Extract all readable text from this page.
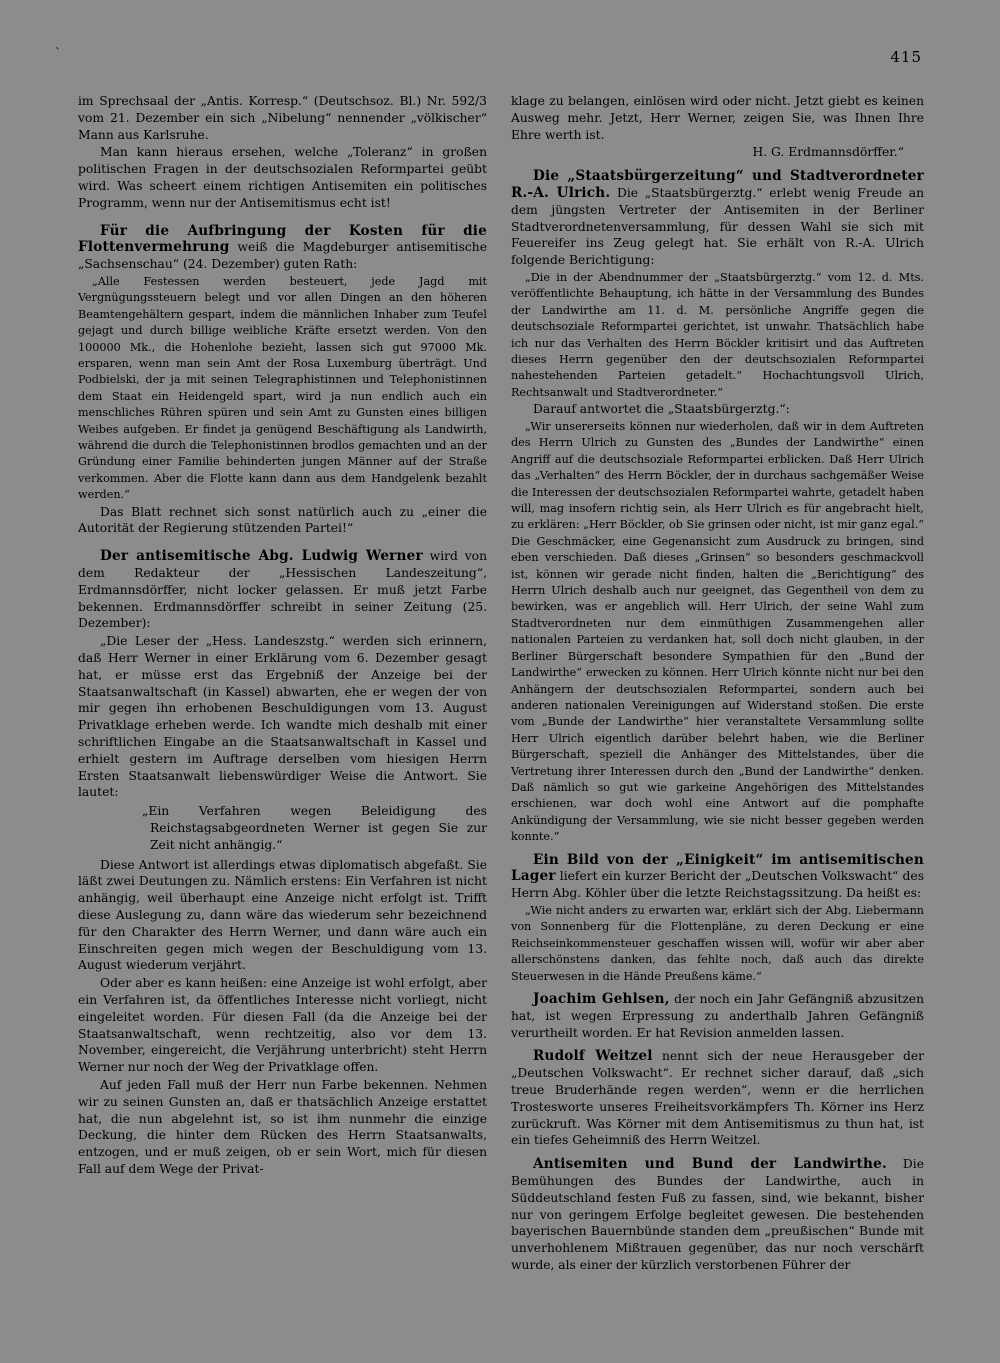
415
`

im Sprechsaal der „Antis. Korresp.“ (Deutschsoz. Bl.) Nr. 592/3 vom 21. Dezember ein sich „Nibelung“ nennender „völkischer“ Mann aus Karlsruhe.

Man kann hieraus ersehen, welche „Toleranz“ in großen politischen Fragen in der deutschsozialen Reformpartei geübt wird. Was scheert einem richtigen Antisemiten ein politisches Programm, wenn nur der Antisemitismus echt ist!

Für die Aufbringung der Kosten für die Flottenvermehrung weiß die Magdeburger antisemitische „Sachsenschau“ (24. Dezember) guten Rath:

„Alle Festessen werden besteuert, jede Jagd mit Vergnügungssteuern belegt und vor allen Dingen an den höheren Beamtengehältern gespart, indem die männlichen Inhaber zum Teufel gejagt und durch billige weibliche Kräfte ersetzt werden. Von den 100000 Mk., die Hohenlohe bezieht, lassen sich gut 97000 Mk. ersparen, wenn man sein Amt der Rosa Luxemburg überträgt. Und Podbielski, der ja mit seinen Telegraphistinnen und Telephonistinnen dem Staat ein Heidengeld spart, wird ja nun endlich auch ein menschliches Rühren spüren und sein Amt zu Gunsten eines billigen Weibes aufgeben. Er findet ja genügend Beschäftigung als Landwirth, während die durch die Telephonistinnen brodlos gemachten und an der Gründung einer Familie behinderten jungen Männer auf der Straße verkommen. Aber die Flotte kann dann aus dem Handgelenk bezahlt werden.“

Das Blatt rechnet sich sonst natürlich auch zu „einer die Autorität der Regierung stützenden Partei!“

Der antisemitische Abg. Ludwig Werner wird von dem Redakteur der „Hessischen Landeszeitung“, Erdmannsdörffer, nicht locker gelassen. Er muß jetzt Farbe bekennen. Erdmannsdörffer schreibt in seiner Zeitung (25. Dezember):

„Die Leser der „Hess. Landeszstg.“ werden sich erinnern, daß Herr Werner in einer Erklärung vom 6. Dezember gesagt hat, er müsse erst das Ergebniß der Anzeige bei der Staatsanwaltschaft (in Kassel) abwarten, ehe er wegen der von mir gegen ihn erhobenen Beschuldigungen vom 13. August Privatklage erheben werde. Ich wandte mich deshalb mit einer schriftlichen Eingabe an die Staatsanwaltschaft in Kassel und erhielt gestern im Auftrage derselben vom hiesigen Herrn Ersten Staatsanwalt liebenswürdiger Weise die Antwort. Sie lautet:

„Ein Verfahren wegen Beleidigung des Reichstagsabgeordneten Werner ist gegen Sie zur Zeit nicht anhängig.“

Diese Antwort ist allerdings etwas diplomatisch abgefaßt. Sie läßt zwei Deutungen zu. Nämlich erstens: Ein Verfahren ist nicht anhängig, weil überhaupt eine Anzeige nicht erfolgt ist. Trifft diese Auslegung zu, dann wäre das wiederum sehr bezeichnend für den Charakter des Herrn Werner, und dann wäre auch ein Einschreiten gegen mich wegen der Beschuldigung vom 13. August wiederum verjährt.

Oder aber es kann heißen: eine Anzeige ist wohl erfolgt, aber ein Verfahren ist, da öffentliches Interesse nicht vorliegt, nicht eingeleitet worden. Für diesen Fall (da die Anzeige bei der Staatsanwaltschaft, wenn rechtzeitig, also vor dem 13. November, eingereicht, die Verjährung unterbricht) steht Herrn Werner nur noch der Weg der Privatklage offen.

Auf jeden Fall muß der Herr nun Farbe bekennen. Nehmen wir zu seinen Gunsten an, daß er thatsächlich Anzeige erstattet hat, die nun abgelehnt ist, so ist ihm nunmehr die einzige Deckung, die hinter dem Rücken des Herrn Staatsanwalts, entzogen, und er muß zeigen, ob er sein Wort, mich für diesen Fall auf dem Wege der Privat-

klage zu belangen, einlösen wird oder nicht. Jetzt giebt es keinen Ausweg mehr. Jetzt, Herr Werner, zeigen Sie, was Ihnen Ihre Ehre werth ist.

H. G. Erdmannsdörffer.“

Die „Staatsbürgerzeitung“ und Stadtverordneter R.-A. Ulrich. Die „Staatsbürgerztg.“ erlebt wenig Freude an dem jüngsten Vertreter der Antisemiten in der Berliner Stadtverordnetenversammlung, für dessen Wahl sie sich mit Feuereifer ins Zeug gelegt hat. Sie erhält von R.-A. Ulrich folgende Berichtigung:

„Die in der Abendnummer der „Staatsbürgerztg.“ vom 12. d. Mts. veröffentlichte Behauptung, ich hätte in der Versammlung des Bundes der Landwirthe am 11. d. M. persönliche Angriffe gegen die deutschsoziale Reformpartei gerichtet, ist unwahr. Thatsächlich habe ich nur das Verhalten des Herrn Böckler kritisirt und das Auftreten dieses Herrn gegenüber den der deutschsozialen Reformpartei nahestehenden Parteien getadelt.“ Hochachtungsvoll Ulrich, Rechtsanwalt und Stadtverordneter.“

Darauf antwortet die „Staatsbürgerztg.“:

„Wir unsererseits können nur wiederholen, daß wir in dem Auftreten des Herrn Ulrich zu Gunsten des „Bundes der Landwirthe“ einen Angriff auf die deutschsoziale Reformpartei erblicken. Daß Herr Ulrich das „Verhalten“ des Herrn Böckler, der in durchaus sachgemäßer Weise die Interessen der deutschsozialen Reformpartei wahrte, getadelt haben will, mag insofern richtig sein, als Herr Ulrich es für angebracht hielt, zu erklären: „Herr Böckler, ob Sie grinsen oder nicht, ist mir ganz egal.“ Die Geschmäcker, eine Gegenansicht zum Ausdruck zu bringen, sind eben verschieden. Daß dieses „Grinsen“ so besonders geschmackvoll ist, können wir gerade nicht finden, halten die „Berichtigung“ des Herrn Ulrich deshalb auch nur geeignet, das Gegentheil von dem zu bewirken, was er angeblich will. Herr Ulrich, der seine Wahl zum Stadtverordneten nur dem einmüthigen Zusammengehen aller nationalen Parteien zu verdanken hat, soll doch nicht glauben, in der Berliner Bürgerschaft besondere Sympathien für den „Bund der Landwirthe“ erwecken zu können. Herr Ulrich könnte nicht nur bei den Anhängern der deutschsozialen Reformpartei, sondern auch bei anderen nationalen Vereinigungen auf Widerstand stoßen. Die erste vom „Bunde der Landwirthe“ hier veranstaltete Versammlung sollte Herr Ulrich eigentlich darüber belehrt haben, wie die Berliner Bürgerschaft, speziell die Anhänger des Mittelstandes, über die Vertretung ihrer Interessen durch den „Bund der Landwirthe“ denken. Daß nämlich so gut wie garkeine Angehörigen des Mittelstandes erschienen, war doch wohl eine Antwort auf die pomphafte Ankündigung der Versammlung, wie sie nicht besser gegeben werden konnte.“

Ein Bild von der „Einigkeit“ im antisemitischen Lager liefert ein kurzer Bericht der „Deutschen Volkswacht“ des Herrn Abg. Köhler über die letzte Reichstagssitzung. Da heißt es:

„Wie nicht anders zu erwarten war, erklärt sich der Abg. Liebermann von Sonnenberg für die Flottenpläne, zu deren Deckung er eine Reichseinkommensteuer geschaffen wissen will, wofür wir aber aber allerschönstens danken, das fehlte noch, daß auch das direkte Steuerwesen in die Hände Preußens käme.“

Joachim Gehlsen, der noch ein Jahr Gefängniß abzusitzen hat, ist wegen Erpressung zu anderthalb Jahren Gefängniß verurtheilt worden. Er hat Revision anmelden lassen.

Rudolf Weitzel nennt sich der neue Herausgeber der „Deutschen Volkswacht“. Er rechnet sicher darauf, daß „sich treue Bruderhände regen werden“, wenn er die herrlichen Trostesworte unseres Freiheitsvorkämpfers Th. Körner ins Herz zurückruft. Was Körner mit dem Antisemitismus zu thun hat, ist ein tiefes Geheimniß des Herrn Weitzel.

Antisemiten und Bund der Landwirthe. Die Bemühungen des Bundes der Landwirthe, auch in Süddeutschland festen Fuß zu fassen, sind, wie bekannt, bisher nur von geringem Erfolge begleitet gewesen. Die bestehenden bayerischen Bauernbünde standen dem „preußischen“ Bunde mit unverhohlenem Mißtrauen gegenüber, das nur noch verschärft wurde, als einer der kürzlich verstorbenen Führer der
